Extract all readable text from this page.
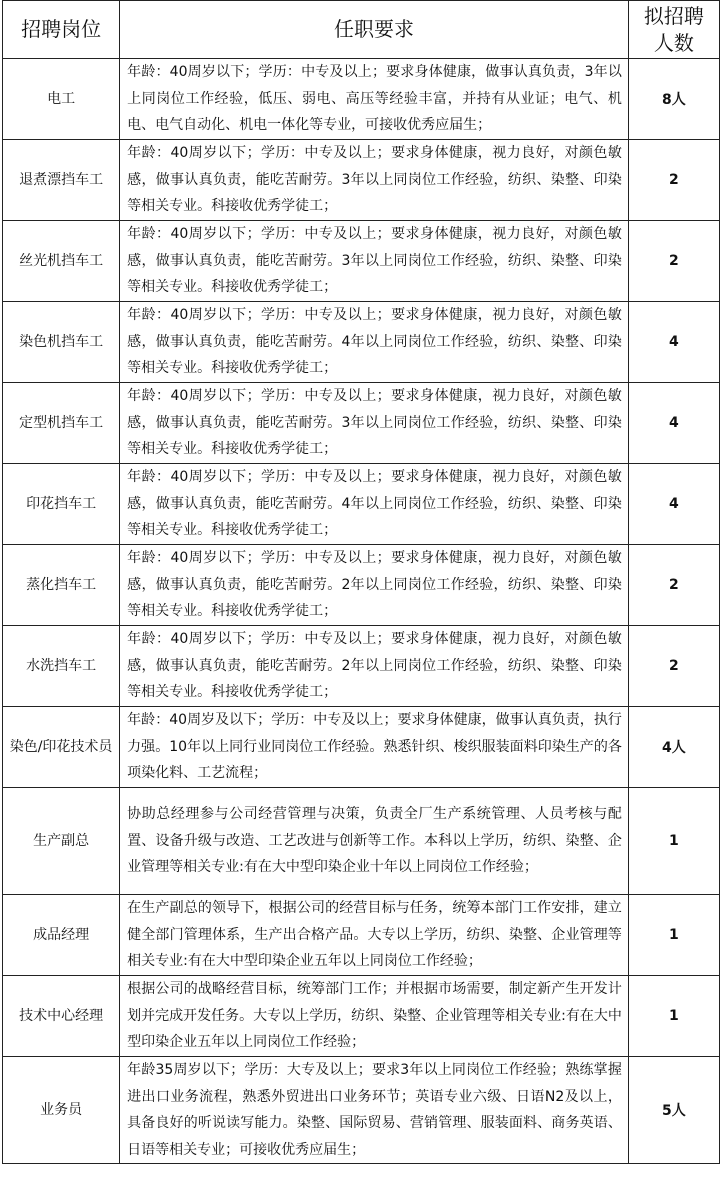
招聘岗位	任职要求	拟招聘
人数
电工	年龄：40周岁以下；学历：中专及以上；要求身体健康，做事认真负责，3年以上同岗位工作经验，低压、弱电、高压等经验丰富，并持有从业证；电气、机电、电气自动化、机电一体化等专业，可接收优秀应届生；	8人
退煮漂挡车工	年龄：40周岁以下；学历：中专及以上；要求身体健康，视力良好，对颜色敏感，做事认真负责，能吃苦耐劳。3年以上同岗位工作经验，纺织、染整、印染等相关专业。科接收优秀学徒工；	2
丝光机挡车工	年龄：40周岁以下；学历：中专及以上；要求身体健康，视力良好，对颜色敏感，做事认真负责，能吃苦耐劳。3年以上同岗位工作经验，纺织、染整、印染等相关专业。科接收优秀学徒工；	2
染色机挡车工	年龄：40周岁以下；学历：中专及以上；要求身体健康，视力良好，对颜色敏感，做事认真负责，能吃苦耐劳。4年以上同岗位工作经验，纺织、染整、印染等相关专业。科接收优秀学徒工；	4
定型机挡车工	年龄：40周岁以下；学历：中专及以上；要求身体健康，视力良好，对颜色敏感，做事认真负责，能吃苦耐劳。3年以上同岗位工作经验，纺织、染整、印染等相关专业。科接收优秀学徒工；	4
印花挡车工	年龄：40周岁以下；学历：中专及以上；要求身体健康，视力良好，对颜色敏感，做事认真负责，能吃苦耐劳。4年以上同岗位工作经验，纺织、染整、印染等相关专业。科接收优秀学徒工；	4
蒸化挡车工	年龄：40周岁以下；学历：中专及以上；要求身体健康，视力良好，对颜色敏感，做事认真负责，能吃苦耐劳。2年以上同岗位工作经验，纺织、染整、印染等相关专业。科接收优秀学徒工；	2
水洗挡车工	年龄：40周岁以下；学历：中专及以上；要求身体健康，视力良好，对颜色敏感，做事认真负责，能吃苦耐劳。2年以上同岗位工作经验，纺织、染整、印染等相关专业。科接收优秀学徒工；	2
染色/印花技术员	年龄：40周岁及以下；学历：中专及以上；要求身体健康，做事认真负责，执行力强。10年以上同行业同岗位工作经验。熟悉针织、梭织服装面料印染生产的各项染化料、工艺流程；	4人
生产副总	协助总经理参与公司经营管理与决策，负责全厂生产系统管理、人员考核与配置、设备升级与改造、工艺改进与创新等工作。本科以上学历，纺织、染整、企业管理等相关专业:有在大中型印染企业十年以上同岗位工作经验；	1
成品经理	在生产副总的领导下，根据公司的经营目标与任务，统筹本部门工作安排，建立健全部门管理体系，生产出合格产品。大专以上学历，纺织、染整、企业管理等相关专业:有在大中型印染企业五年以上同岗位工作经验；	1
技术中心经理	根据公司的战略经营目标，统筹部门工作；并根据市场需要，制定新产生开发计划并完成开发任务。大专以上学历，纺织、染整、企业管理等相关专业:有在大中型印染企业五年以上同岗位工作经验；	1
业务员	年龄35周岁以下；学历：大专及以上；要求3年以上同岗位工作经验；熟练掌握进出口业务流程，熟悉外贸进出口业务环节；英语专业六级、日语N2及以上，具备良好的听说读写能力。染整、国际贸易、营销管理、服装面料、商务英语、日语等相关专业；可接收优秀应届生；	5人
